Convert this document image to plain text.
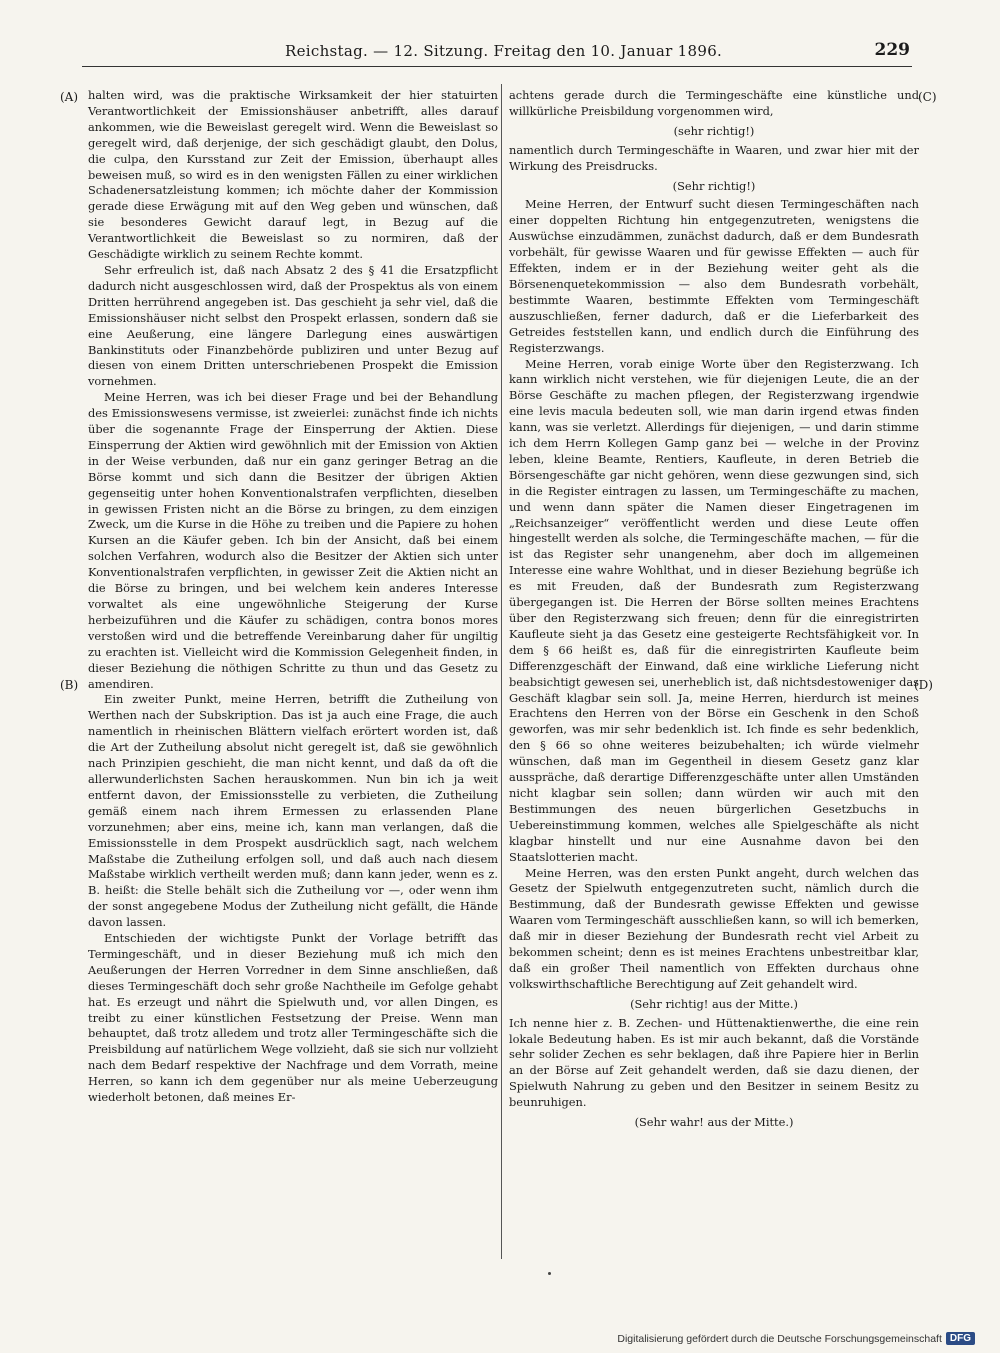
Reichstag. — 12. Sitzung. Freitag den 10. Januar 1896.	229
(A)
(B)
(C)
(D)

halten wird, was die praktische Wirksamkeit der hier statuirten Verantwortlichkeit der Emissionshäuser anbetrifft, alles darauf ankommen, wie die Beweislast geregelt wird. Wenn die Beweislast so geregelt wird, daß derjenige, der sich geschädigt glaubt, den Dolus, die culpa, den Kursstand zur Zeit der Emission, überhaupt alles beweisen muß, so wird es in den wenigsten Fällen zu einer wirklichen Schadenersatzleistung kommen; ich möchte daher der Kommission gerade diese Erwägung mit auf den Weg geben und wünschen, daß sie besonderes Gewicht darauf legt, in Bezug auf die Verantwortlichkeit die Beweislast so zu normiren, daß der Geschädigte wirklich zu seinem Rechte kommt.

Sehr erfreulich ist, daß nach Absatz 2 des § 41 die Ersatzpflicht dadurch nicht ausgeschlossen wird, daß der Prospektus als von einem Dritten herrührend angegeben ist. Das geschieht ja sehr viel, daß die Emissionshäuser nicht selbst den Prospekt erlassen, sondern daß sie eine Aeußerung, eine längere Darlegung eines auswärtigen Bankinstituts oder Finanzbehörde publiziren und unter Bezug auf diesen von einem Dritten unterschriebenen Prospekt die Emission vornehmen.

Meine Herren, was ich bei dieser Frage und bei der Behandlung des Emissionswesens vermisse, ist zweierlei: zunächst finde ich nichts über die sogenannte Frage der Einsperrung der Aktien. Diese Einsperrung der Aktien wird gewöhnlich mit der Emission von Aktien in der Weise verbunden, daß nur ein ganz geringer Betrag an die Börse kommt und sich dann die Besitzer der übrigen Aktien gegenseitig unter hohen Konventionalstrafen verpflichten, dieselben in gewissen Fristen nicht an die Börse zu bringen, zu dem einzigen Zweck, um die Kurse in die Höhe zu treiben und die Papiere zu hohen Kursen an die Käufer geben. Ich bin der Ansicht, daß bei einem solchen Verfahren, wodurch also die Besitzer der Aktien sich unter Konventionalstrafen verpflichten, in gewisser Zeit die Aktien nicht an die Börse zu bringen, und bei welchem kein anderes Interesse vorwaltet als eine ungewöhnliche Steigerung der Kurse herbeizuführen und die Käufer zu schädigen, contra bonos mores verstoßen wird und die betreffende Vereinbarung daher für ungiltig zu erachten ist. Vielleicht wird die Kommission Gelegenheit finden, in dieser Beziehung die nöthigen Schritte zu thun und das Gesetz zu amendiren.

Ein zweiter Punkt, meine Herren, betrifft die Zutheilung von Werthen nach der Subskription. Das ist ja auch eine Frage, die auch namentlich in rheinischen Blättern vielfach erörtert worden ist, daß die Art der Zutheilung absolut nicht geregelt ist, daß sie gewöhnlich nach Prinzipien geschieht, die man nicht kennt, und daß da oft die allerwunderlichsten Sachen herauskommen. Nun bin ich ja weit entfernt davon, der Emissionsstelle zu verbieten, die Zutheilung gemäß einem nach ihrem Ermessen zu erlassenden Plane vorzunehmen; aber eins, meine ich, kann man verlangen, daß die Emissionsstelle in dem Prospekt ausdrücklich sagt, nach welchem Maßstabe die Zutheilung erfolgen soll, und daß auch nach diesem Maßstabe wirklich vertheilt werden muß; dann kann jeder, wenn es z. B. heißt: die Stelle behält sich die Zutheilung vor —, oder wenn ihm der sonst angegebene Modus der Zutheilung nicht gefällt, die Hände davon lassen.

Entschieden der wichtigste Punkt der Vorlage betrifft das Termingeschäft, und in dieser Beziehung muß ich mich den Aeußerungen der Herren Vorredner in dem Sinne anschließen, daß dieses Termingeschäft doch sehr große Nachtheile im Gefolge gehabt hat. Es erzeugt und nährt die Spielwuth und, vor allen Dingen, es treibt zu einer künstlichen Festsetzung der Preise. Wenn man behauptet, daß trotz alledem und trotz aller Termingeschäfte sich die Preisbildung auf natürlichem Wege vollzieht, daß sie sich nur vollzieht nach dem Bedarf respektive der Nachfrage und dem Vorrath, meine Herren, so kann ich dem gegenüber nur als meine Ueberzeugung wiederholt betonen, daß meines Er-

achtens gerade durch die Termingeschäfte eine künstliche und willkürliche Preisbildung vorgenommen wird,

(sehr richtig!)

namentlich durch Termingeschäfte in Waaren, und zwar hier mit der Wirkung des Preisdrucks.

(Sehr richtig!)

Meine Herren, der Entwurf sucht diesen Termingeschäften nach einer doppelten Richtung hin entgegenzutreten, wenigstens die Auswüchse einzudämmen, zunächst dadurch, daß er dem Bundesrath vorbehält, für gewisse Waaren und für gewisse Effekten — auch für Effekten, indem er in der Beziehung weiter geht als die Börsenenquetekommission — also dem Bundesrath vorbehält, bestimmte Waaren, bestimmte Effekten vom Termingeschäft auszuschließen, ferner dadurch, daß er die Lieferbarkeit des Getreides feststellen kann, und endlich durch die Einführung des Registerzwangs.

Meine Herren, vorab einige Worte über den Registerzwang. Ich kann wirklich nicht verstehen, wie für diejenigen Leute, die an der Börse Geschäfte zu machen pflegen, der Registerzwang irgendwie eine levis macula bedeuten soll, wie man darin irgend etwas finden kann, was sie verletzt. Allerdings für diejenigen, — und darin stimme ich dem Herrn Kollegen Gamp ganz bei — welche in der Provinz leben, kleine Beamte, Rentiers, Kaufleute, in deren Betrieb die Börsengeschäfte gar nicht gehören, wenn diese gezwungen sind, sich in die Register eintragen zu lassen, um Termingeschäfte zu machen, und wenn dann später die Namen dieser Eingetragenen im „Reichsanzeiger“ veröffentlicht werden und diese Leute offen hingestellt werden als solche, die Termingeschäfte machen, — für die ist das Register sehr unangenehm, aber doch im allgemeinen Interesse eine wahre Wohlthat, und in dieser Beziehung begrüße ich es mit Freuden, daß der Bundesrath zum Registerzwang übergegangen ist. Die Herren der Börse sollten meines Erachtens über den Registerzwang sich freuen; denn für die einregistrirten Kaufleute sieht ja das Gesetz eine gesteigerte Rechtsfähigkeit vor. In dem § 66 heißt es, daß für die einregistrirten Kaufleute beim Differenzgeschäft der Einwand, daß eine wirkliche Lieferung nicht beabsichtigt gewesen sei, unerheblich ist, daß nichtsdestoweniger das Geschäft klagbar sein soll. Ja, meine Herren, hierdurch ist meines Erachtens den Herren von der Börse ein Geschenk in den Schoß geworfen, was mir sehr bedenklich ist. Ich finde es sehr bedenklich, den § 66 so ohne weiteres beizubehalten; ich würde vielmehr wünschen, daß man im Gegentheil in diesem Gesetz ganz klar ausspräche, daß derartige Differenzgeschäfte unter allen Umständen nicht klagbar sein sollen; dann würden wir auch mit den Bestimmungen des neuen bürgerlichen Gesetzbuchs in Uebereinstimmung kommen, welches alle Spielgeschäfte als nicht klagbar hinstellt und nur eine Ausnahme davon bei den Staatslotterien macht.

Meine Herren, was den ersten Punkt angeht, durch welchen das Gesetz der Spielwuth entgegenzutreten sucht, nämlich durch die Bestimmung, daß der Bundesrath gewisse Effekten und gewisse Waaren vom Termingeschäft ausschließen kann, so will ich bemerken, daß mir in dieser Beziehung der Bundesrath recht viel Arbeit zu bekommen scheint; denn es ist meines Erachtens unbestreitbar klar, daß ein großer Theil namentlich von Effekten durchaus ohne volkswirthschaftliche Berechtigung auf Zeit gehandelt wird.

(Sehr richtig! aus der Mitte.)

Ich nenne hier z. B. Zechen- und Hüttenaktienwerthe, die eine rein lokale Bedeutung haben. Es ist mir auch bekannt, daß die Vorstände sehr solider Zechen es sehr beklagen, daß ihre Papiere hier in Berlin an der Börse auf Zeit gehandelt werden, daß sie dazu dienen, der Spielwuth Nahrung zu geben und den Besitzer in seinem Besitz zu beunruhigen.

(Sehr wahr! aus der Mitte.)

Digitalisierung gefördert durch die Deutsche Forschungsgemeinschaft DFG
